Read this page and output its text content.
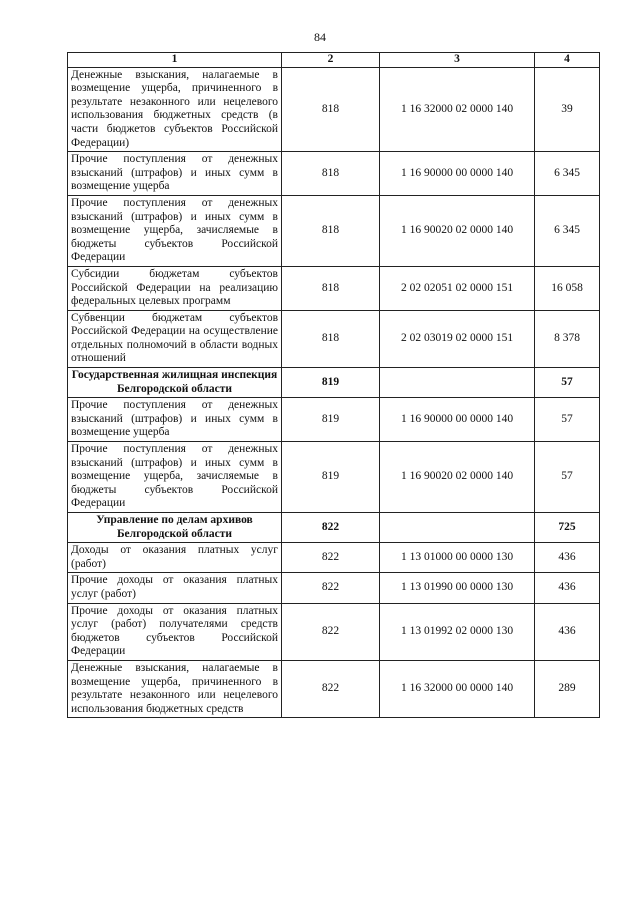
84
1	2	3	4
Денежные взыскания, налагаемые в возмещение ущерба, причиненного в результате незаконного или нецелевого использования бюджетных средств (в части бюджетов субъектов Российской Федерации)	818	1 16 32000 02 0000 140	39
Прочие поступления от денежных взысканий (штрафов) и иных сумм в возмещение ущерба	818	1 16 90000 00 0000 140	6 345
Прочие поступления от денежных взысканий (штрафов) и иных сумм в возмещение ущерба, зачисляемые в бюджеты субъектов Российской Федерации	818	1 16 90020 02 0000 140	6 345
Субсидии бюджетам субъектов Российской Федерации на реализацию федеральных целевых программ	818	2 02 02051 02 0000 151	16 058
Субвенции бюджетам субъектов Российской Федерации на осуществление отдельных полномочий в области водных отношений	818	2 02 03019 02 0000 151	8 378
Государственная жилищная инспекция Белгородской области	819		57
Прочие поступления от денежных взысканий (штрафов) и иных сумм в возмещение ущерба	819	1 16 90000 00 0000 140	57
Прочие поступления от денежных взысканий (штрафов) и иных сумм в возмещение ущерба, зачисляемые в бюджеты субъектов Российской Федерации	819	1 16 90020 02 0000 140	57
Управление по делам архивов Белгородской области	822		725
Доходы от оказания платных услуг (работ)	822	1 13 01000 00 0000 130	436
Прочие доходы от оказания платных услуг (работ)	822	1 13 01990 00 0000 130	436
Прочие доходы от оказания платных услуг (работ) получателями средств бюджетов субъектов Российской Федерации	822	1 13 01992 02 0000 130	436
Денежные взыскания, налагаемые в возмещение ущерба, причиненного в результате незаконного или нецелевого использования бюджетных средств	822	1 16 32000 00 0000 140	289
